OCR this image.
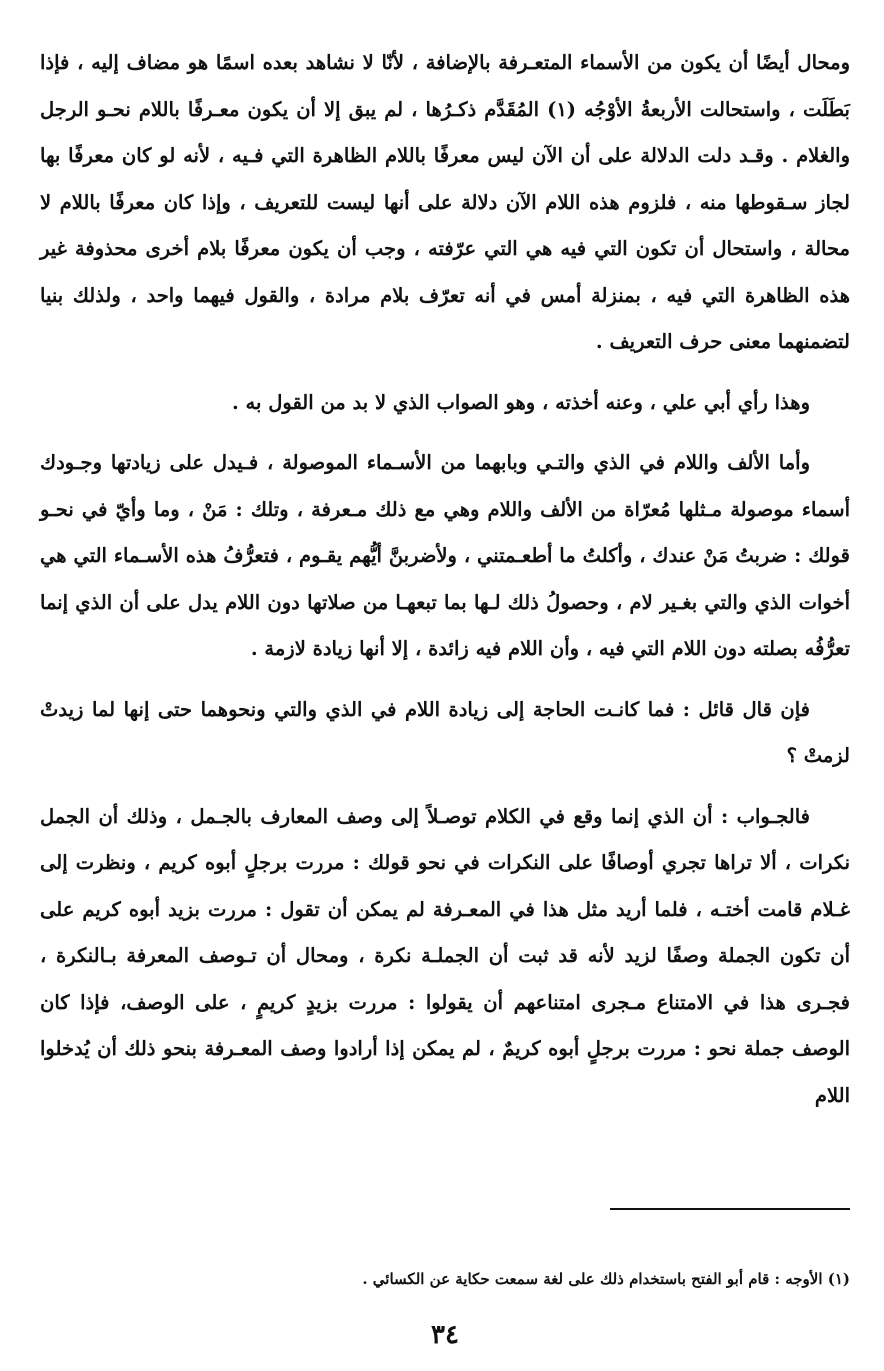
ومحال أيضًا أن يكون من الأسماء المتعـرفة بالإضافة ، لأنّا لا نشاهد بعده اسمًا هو مضاف إليه ، فإذا بَطَلَت ، واستحالت الأربعةُ الأوْجُه (١) المُقَدَّم ذكـرُها ، لم يبق إلا أن يكون معـرفًا باللام نحـو الرجل والغلام . وقـد دلت الدلالة على أن الآن ليس معرفًا باللام الظاهرة التي فـيه ، لأنه لو كان معرفًا بها لجاز سـقوطها منه ، فلزوم هذه اللام الآن دلالة على أنها ليست للتعريف ، وإذا كان معرفًا باللام لا محالة ، واستحال أن تكون التي فيه هي التي عرّفته ، وجب أن يكون معرفًا بلام أخرى محذوفة غير هذه الظاهرة التي فيه ، بمنزلة أمس في أنه تعرّف بلام مرادة ، والقول فيهما واحد ، ولذلك بنيا لتضمنهما معنى حرف التعريف .

وهذا رأي أبي علي ، وعنه أخذته ، وهو الصواب الذي لا بد من القول به .

وأما الألف واللام في الذي والتـي وبابهما من الأسـماء الموصولة ، فـيدل على زيادتها وجـودك أسماء موصولة مـثلها مُعرّاة من الألف واللام وهي مع ذلك مـعرفة ، وتلك : مَنْ ، وما وأيّ في نحـو قولك : ضربتُ مَنْ عندك ، وأكلتُ ما أطعـمتني ، ولأضربنَّ أيُّهم يقـوم ، فتعرُّفُ هذه الأسـماء التي هي أخوات الذي والتي بغـير لام ، وحصولُ ذلك لـها بما تبعهـا من صلاتها دون اللام يدل على أن الذي إنما تعرُّفُه بصلته دون اللام التي فيه ، وأن اللام فيه زائدة ، إلا أنها زيادة لازمة .

فإن قال قائل : فما كانـت الحاجة إلى زيادة اللام في الذي والتي ونحوهما حتى إنها لما زيدتْ لزمتْ ؟

فالجـواب : أن الذي إنما وقع في الكلام توصـلاً إلى وصف المعارف بالجـمل ، وذلك أن الجمل نكرات ، ألا تراها تجري أوصافًا على النكرات في نحو قولك : مررت برجلٍ أبوه كريم ، ونظرت إلى غـلام قامت أختـه ، فلما أريد مثل هذا في المعـرفة لم يمكن أن تقول : مررت بزيد أبوه كريم على أن تكون الجملة وصفًا لزيد لأنه قد ثبت أن الجملـة نكرة ، ومحال أن تـوصف المعرفة بـالنكرة ، فجـرى هذا في الامتناع مـجرى امتناعهم أن يقولوا : مررت بزيدٍ كريمٍ ، على الوصف، فإذا كان الوصف جملة نحو : مررت برجلٍ أبوه كريمٌ ، لم يمكن إذا أرادوا وصف المعـرفة بنحو ذلك أن يُدخلوا اللام

(١) الأوجه : قام أبو الفتح باستخدام ذلك على لغة سمعت حكاية عن الكسائي .

٣٤
